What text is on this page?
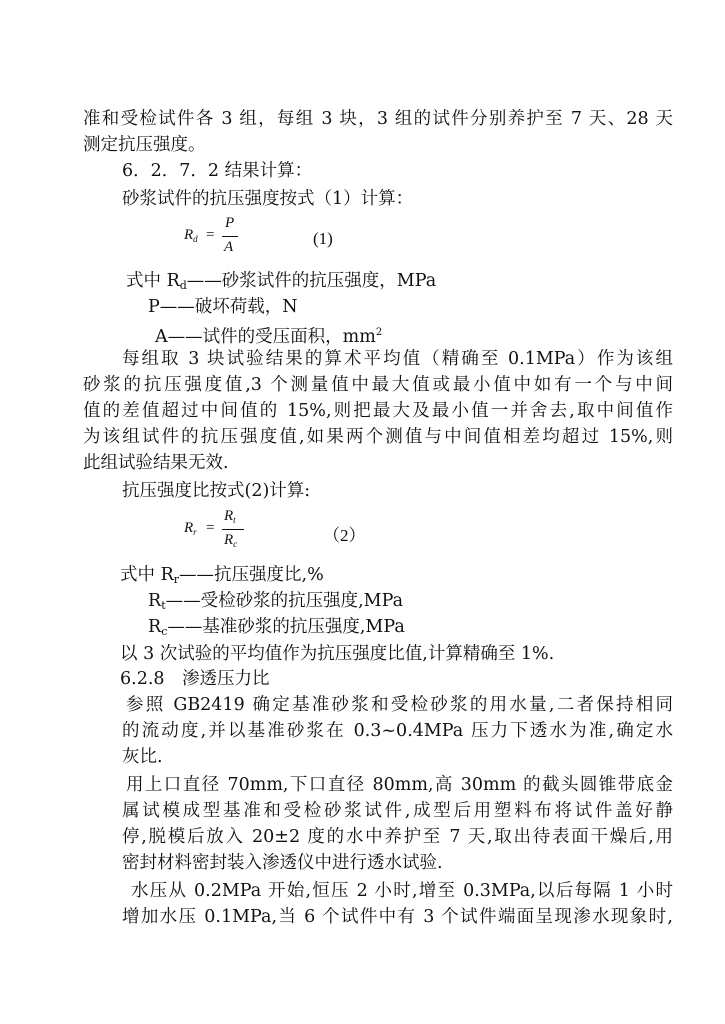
准和受检试件各 3 组，每组 3 块，3 组的试件分别养护至 7 天、28 天
测定抗压强度。
6．2．7．2 结果计算：
砂浆试件的抗压强度按式（1）计算：
$R_d$ =
P
A	(1)
式中 $R_d——$砂浆试件的抗压强度，MPa
P——破坏荷载，N
A——试件的受压面积，$mm^2$
每组取 3 块试验结果的算术平均值（精确至 0.1MPa）作为该组
砂浆的抗压强度值,3 个测量值中最大值或最小值中如有一个与中间
值的差值超过中间值的 15%,则把最大及最小值一并舍去,取中间值作
为该组试件的抗压强度值,如果两个测值与中间值相差均超过 15%,则
此组试验结果无效.
抗压强度比按式(2)计算:
$R_r$ =
$R_t$
$R_c$	（2）
式中 $R_r——$抗压强度比,%
$R_t——$受检砂浆的抗压强度,MPa
$R_c——$基准砂浆的抗压强度,MPa
以 3 次试验的平均值作为抗压强度比值,计算精确至 1%.
6.2.8　渗透压力比
参照 GB2419 确定基准砂浆和受检砂浆的用水量,二者保持相同
的流动度,并以基准砂浆在 0.3~0.4MPa 压力下透水为准,确定水
灰比.
用上口直径 70mm,下口直径 80mm,高 30mm 的截头圆锥带底金
属试模成型基准和受检砂浆试件,成型后用塑料布将试件盖好静
停,脱模后放入 20±2 度的水中养护至 7 天,取出待表面干燥后,用
密封材料密封装入渗透仪中进行透水试验.
水压从 0.2MPa 开始,恒压 2 小时,增至 0.3MPa,以后每隔 1 小时
增加水压 0.1MPa,当 6 个试件中有 3 个试件端面呈现渗水现象时,
